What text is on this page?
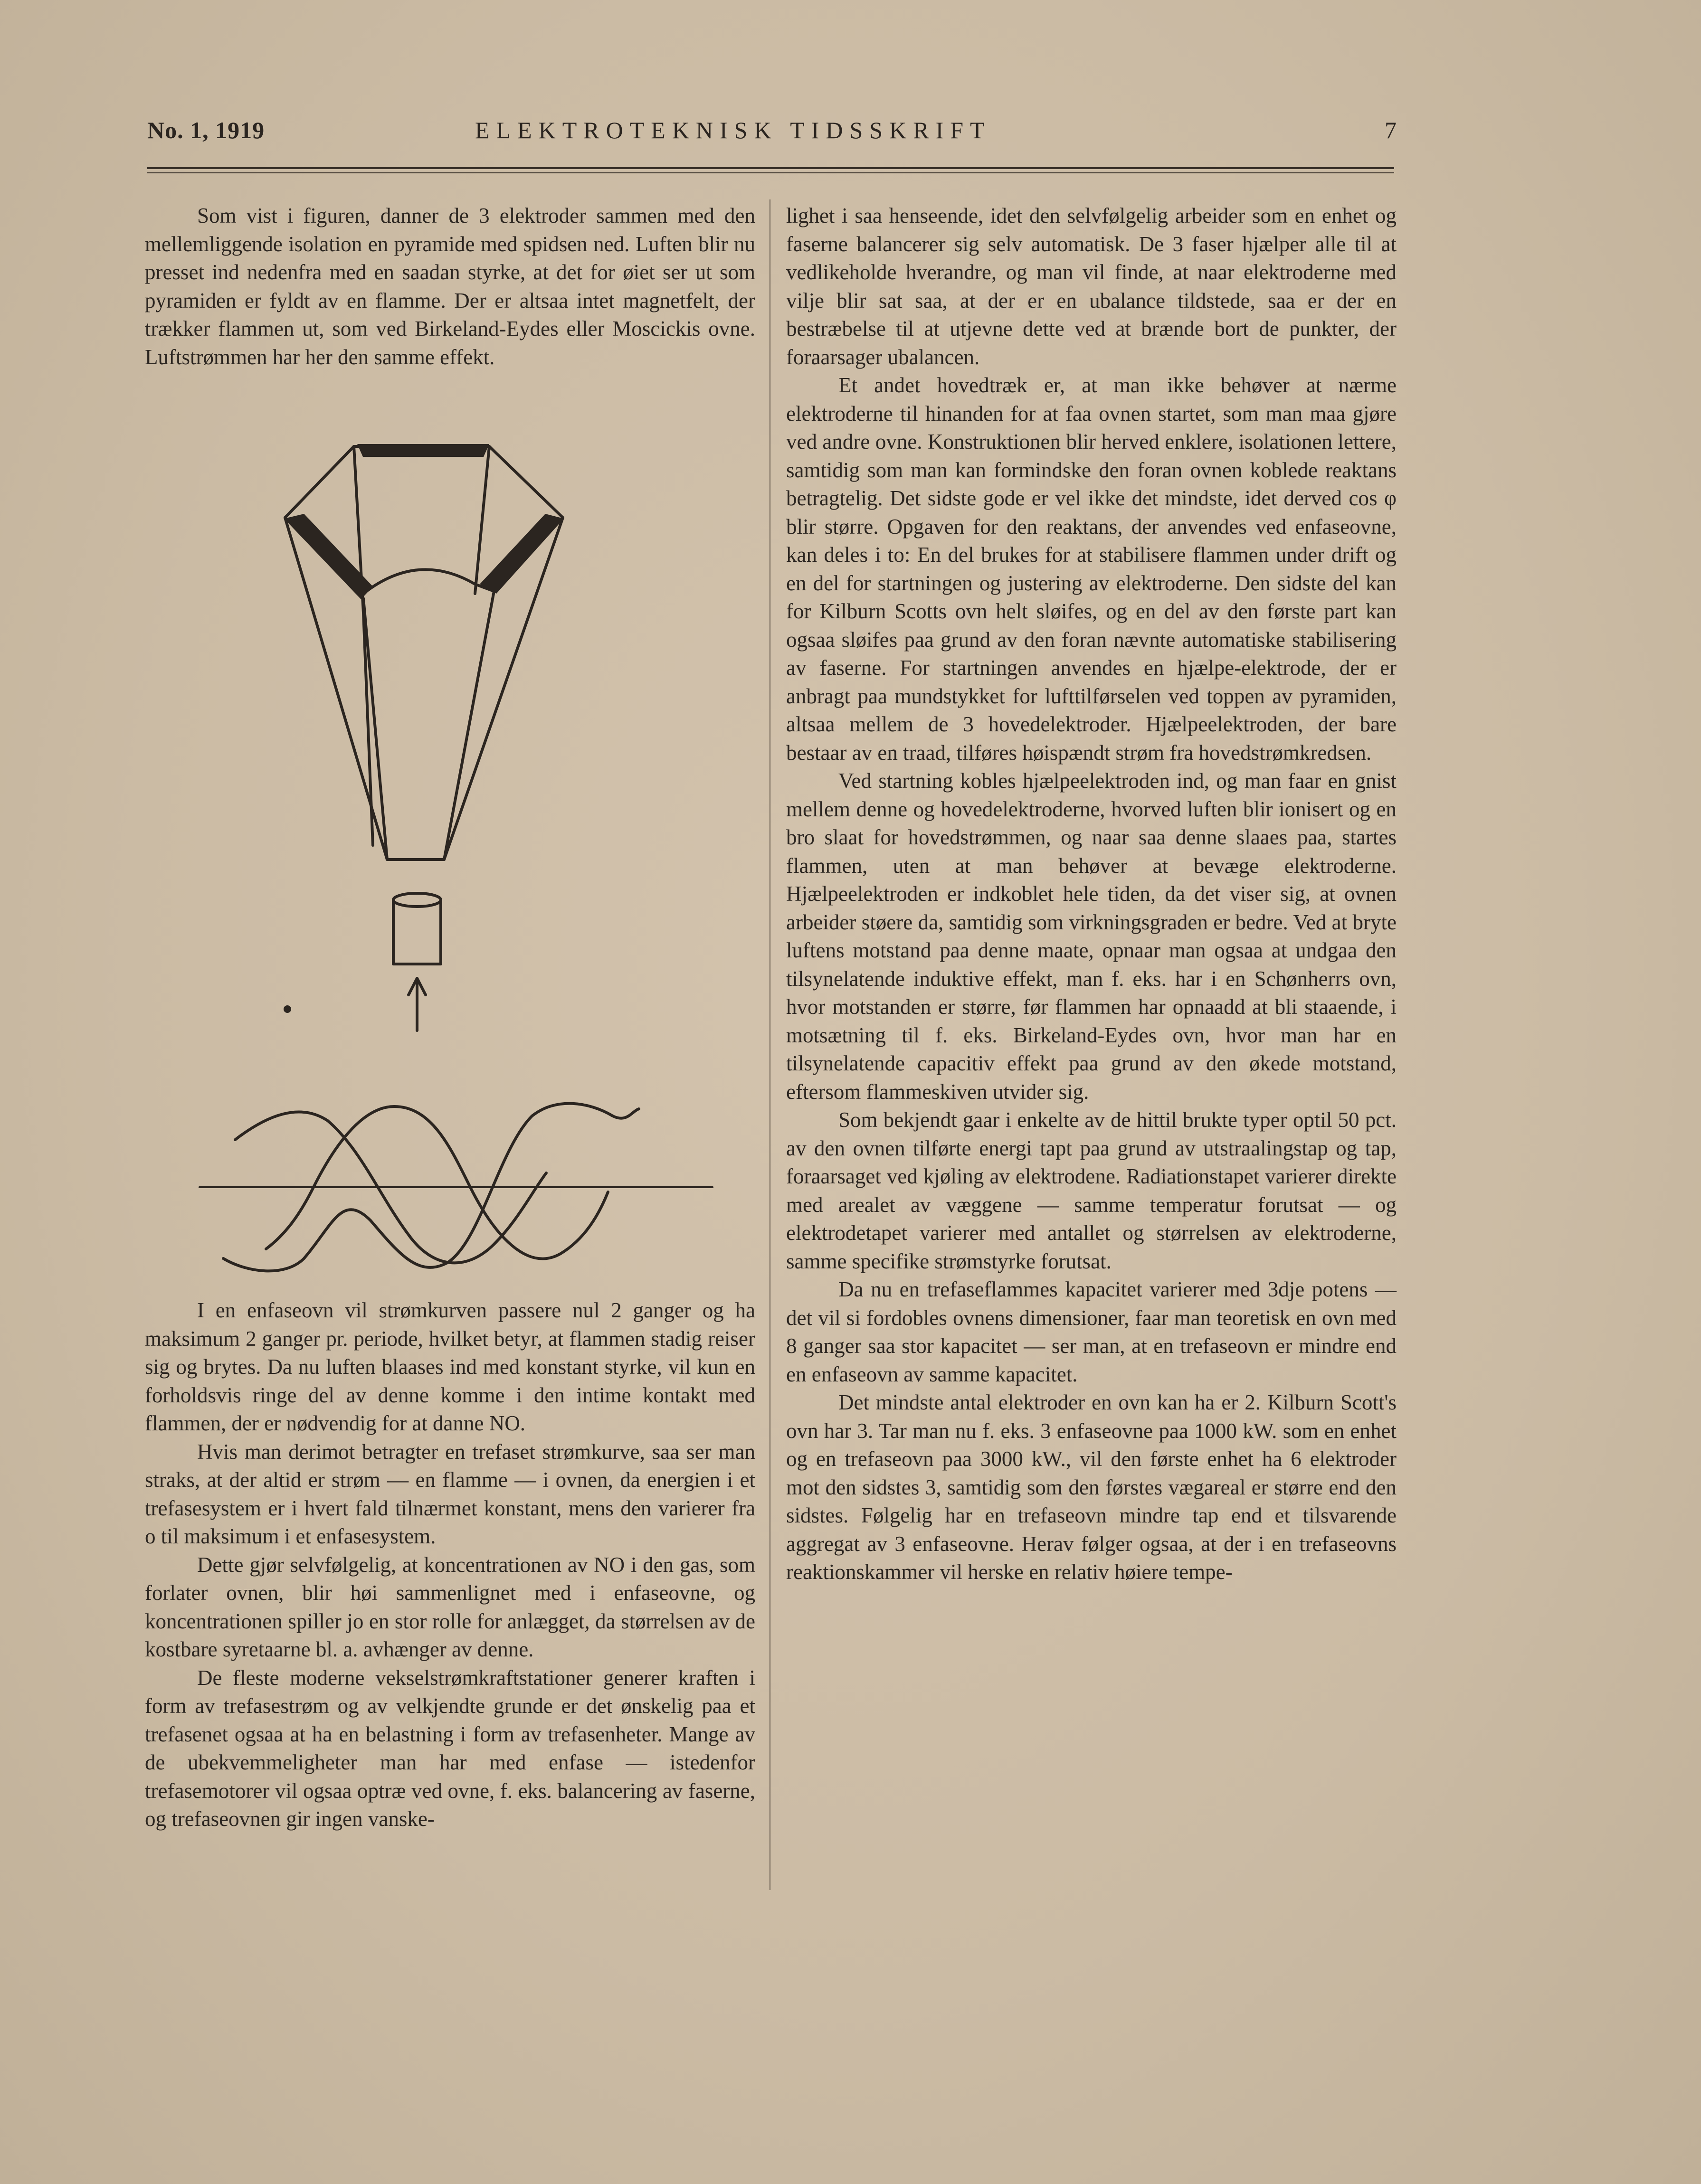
No. 1, 1919	ELEKTROTEKNISK TIDSSKRIFT	7

Som vist i figuren, danner de 3 elektroder sammen med den mellemliggende isolation en pyramide med spidsen ned. Luften blir nu presset ind nedenfra med en saadan styrke, at det for øiet ser ut som pyramiden er fyldt av en flamme. Der er altsaa intet magnetfelt, der trækker flammen ut, som ved Birkeland-Eydes eller Moscickis ovne. Luftstrømmen har her den samme effekt.

I en enfaseovn vil strømkurven passere nul 2 ganger og ha maksimum 2 ganger pr. periode, hvilket betyr, at flammen stadig reiser sig og brytes. Da nu luften blaases ind med konstant styrke, vil kun en forholdsvis ringe del av denne komme i den intime kontakt med flammen, der er nødvendig for at danne NO.

Hvis man derimot betragter en trefaset strømkurve, saa ser man straks, at der altid er strøm — en flamme — i ovnen, da energien i et trefasesystem er i hvert fald tilnærmet konstant, mens den varierer fra o til maksimum i et enfasesystem.

Dette gjør selvfølgelig, at koncentrationen av NO i den gas, som forlater ovnen, blir høi sammenlignet med i enfaseovne, og koncentrationen spiller jo en stor rolle for anlægget, da størrelsen av de kostbare syretaarne bl. a. avhænger av denne.

De fleste moderne vekselstrømkraftstationer generer kraften i form av trefasestrøm og av velkjendte grunde er det ønskelig paa et trefasenet ogsaa at ha en belastning i form av trefasenheter. Mange av de ubekvemmeligheter man har med enfase — istedenfor trefasemotorer vil ogsaa optræ ved ovne, f. eks. balancering av faserne, og trefaseovnen gir ingen vanske-

lighet i saa henseende, idet den selvfølgelig arbeider som en enhet og faserne balancerer sig selv automatisk. De 3 faser hjælper alle til at vedlikeholde hverandre, og man vil finde, at naar elektroderne med vilje blir sat saa, at der er en ubalance tildstede, saa er der en bestræbelse til at utjevne dette ved at brænde bort de punkter, der foraarsager ubalancen.

Et andet hovedtræk er, at man ikke behøver at nærme elektroderne til hinanden for at faa ovnen startet, som man maa gjøre ved andre ovne. Konstruktionen blir herved enklere, isolationen lettere, samtidig som man kan formindske den foran ovnen koblede reaktans betragtelig. Det sidste gode er vel ikke det mindste, idet derved cos φ blir større. Opgaven for den reaktans, der anvendes ved enfaseovne, kan deles i to: En del brukes for at stabilisere flammen under drift og en del for startningen og justering av elektroderne. Den sidste del kan for Kilburn Scotts ovn helt sløifes, og en del av den første part kan ogsaa sløifes paa grund av den foran nævnte automatiske stabilisering av faserne. For startningen anvendes en hjælpe-elektrode, der er anbragt paa mundstykket for lufttilførselen ved toppen av pyramiden, altsaa mellem de 3 hovedelektroder. Hjælpeelektroden, der bare bestaar av en traad, tilføres høispændt strøm fra hovedstrømkredsen.

Ved startning kobles hjælpeelektroden ind, og man faar en gnist mellem denne og hovedelektroderne, hvorved luften blir ionisert og en bro slaat for hovedstrømmen, og naar saa denne slaaes paa, startes flammen, uten at man behøver at bevæge elektroderne. Hjælpeelektroden er indkoblet hele tiden, da det viser sig, at ovnen arbeider støere da, samtidig som virkningsgraden er bedre. Ved at bryte luftens motstand paa denne maate, opnaar man ogsaa at undgaa den tilsynelatende induktive effekt, man f. eks. har i en Schønherrs ovn, hvor motstanden er større, før flammen har opnaadd at bli staaende, i motsætning til f. eks. Birkeland-Eydes ovn, hvor man har en tilsynelatende capacitiv effekt paa grund av den økede motstand, eftersom flammeskiven utvider sig.

Som bekjendt gaar i enkelte av de hittil brukte typer optil 50 pct. av den ovnen tilførte energi tapt paa grund av utstraalingstap og tap, foraarsaget ved kjøling av elektrodene. Radiationstapet varierer direkte med arealet av væggene — samme temperatur forutsat — og elektrodetapet varierer med antallet og størrelsen av elektroderne, samme specifike strømstyrke forutsat.

Da nu en trefaseflammes kapacitet varierer med 3dje potens — det vil si fordobles ovnens dimensioner, faar man teoretisk en ovn med 8 ganger saa stor kapacitet — ser man, at en trefaseovn er mindre end en enfaseovn av samme kapacitet.

Det mindste antal elektroder en ovn kan ha er 2. Kilburn Scott's ovn har 3. Tar man nu f. eks. 3 enfaseovne paa 1000 kW. som en enhet og en trefaseovn paa 3000 kW., vil den første enhet ha 6 elektroder mot den sidstes 3, samtidig som den førstes vægareal er større end den sidstes. Følgelig har en trefaseovn mindre tap end et tilsvarende aggregat av 3 enfaseovne. Herav følger ogsaa, at der i en trefaseovns reaktionskammer vil herske en relativ høiere tempe-
